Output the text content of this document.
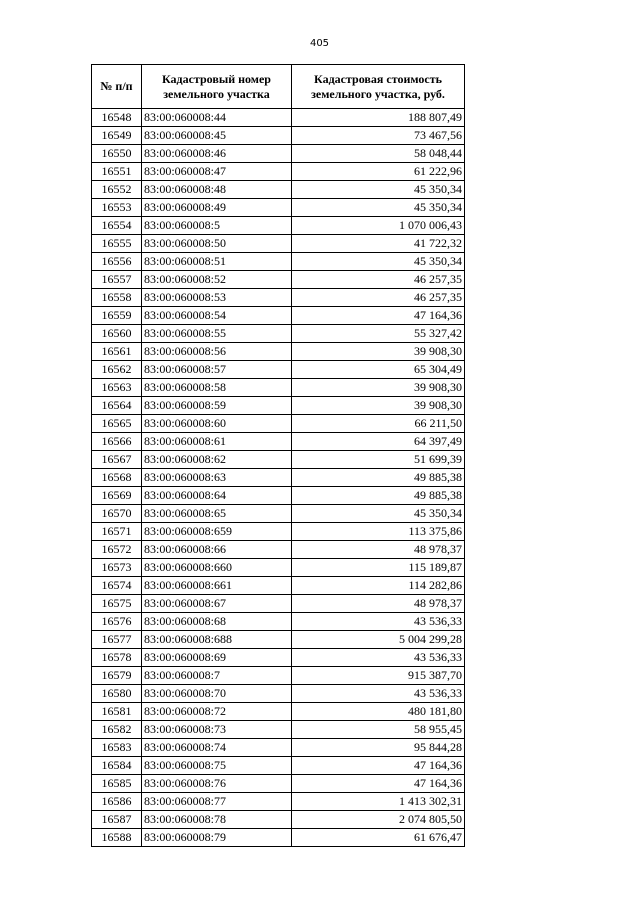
405
№ п/п	Кадастровый номер земельного участка	Кадастровая стоимость земельного участка, руб.
16548	83:00:060008:44	188 807,49
16549	83:00:060008:45	73 467,56
16550	83:00:060008:46	58 048,44
16551	83:00:060008:47	61 222,96
16552	83:00:060008:48	45 350,34
16553	83:00:060008:49	45 350,34
16554	83:00:060008:5	1 070 006,43
16555	83:00:060008:50	41 722,32
16556	83:00:060008:51	45 350,34
16557	83:00:060008:52	46 257,35
16558	83:00:060008:53	46 257,35
16559	83:00:060008:54	47 164,36
16560	83:00:060008:55	55 327,42
16561	83:00:060008:56	39 908,30
16562	83:00:060008:57	65 304,49
16563	83:00:060008:58	39 908,30
16564	83:00:060008:59	39 908,30
16565	83:00:060008:60	66 211,50
16566	83:00:060008:61	64 397,49
16567	83:00:060008:62	51 699,39
16568	83:00:060008:63	49 885,38
16569	83:00:060008:64	49 885,38
16570	83:00:060008:65	45 350,34
16571	83:00:060008:659	113 375,86
16572	83:00:060008:66	48 978,37
16573	83:00:060008:660	115 189,87
16574	83:00:060008:661	114 282,86
16575	83:00:060008:67	48 978,37
16576	83:00:060008:68	43 536,33
16577	83:00:060008:688	5 004 299,28
16578	83:00:060008:69	43 536,33
16579	83:00:060008:7	915 387,70
16580	83:00:060008:70	43 536,33
16581	83:00:060008:72	480 181,80
16582	83:00:060008:73	58 955,45
16583	83:00:060008:74	95 844,28
16584	83:00:060008:75	47 164,36
16585	83:00:060008:76	47 164,36
16586	83:00:060008:77	1 413 302,31
16587	83:00:060008:78	2 074 805,50
16588	83:00:060008:79	61 676,47
